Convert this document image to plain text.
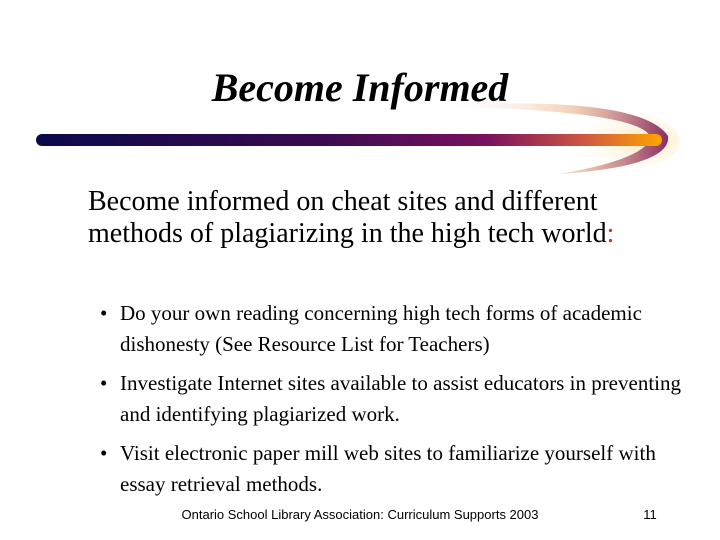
Become Informed
Become informed on cheat sites and different methods of plagiarizing in the high tech world:
• Do your own reading concerning high tech forms of academic dishonesty (See Resource List for Teachers)
• Investigate Internet sites available to assist educators in preventing and identifying plagiarized work.
• Visit electronic paper mill web sites to familiarize yourself with essay retrieval methods.
Ontario School Library Association: Curriculum Supports 2003	11
